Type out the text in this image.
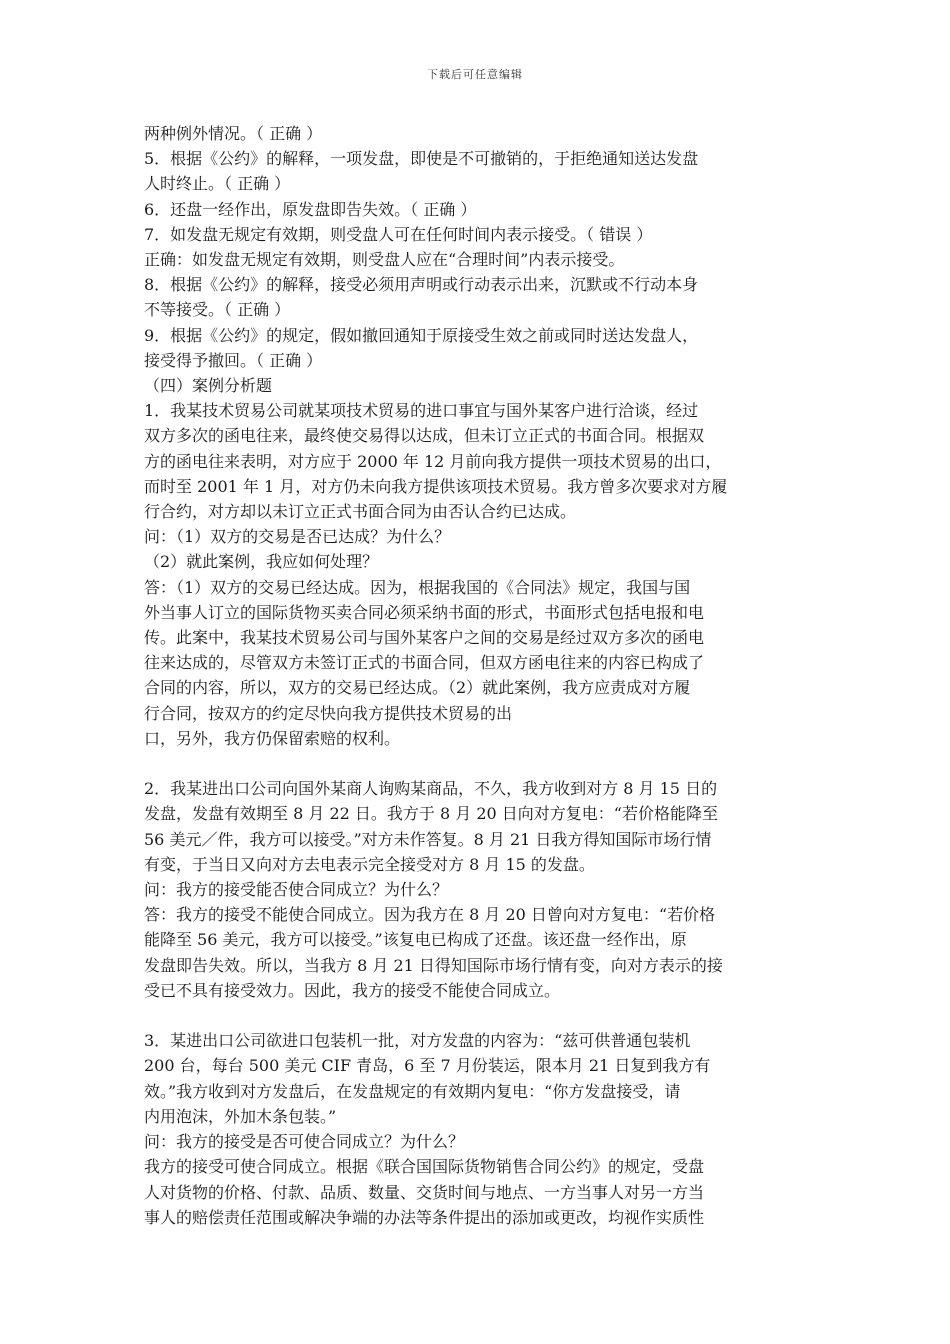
下载后可任意编辑
两种例外情况。（ 正确 ）
5．根据《公约》的解释，一项发盘，即使是不可撤销的，于拒绝通知送达发盘
人时终止。（ 正确 ）
6．还盘一经作出，原发盘即告失效。（ 正确 ）
7．如发盘无规定有效期，则受盘人可在任何时间内表示接受。（ 错误 ）
正确：如发盘无规定有效期，则受盘人应在“合理时间”内表示接受。
8．根据《公约》的解释，接受必须用声明或行动表示出来，沉默或不行动本身
不等接受。（ 正确 ）
9．根据《公约》的规定，假如撤回通知于原接受生效之前或同时送达发盘人，
接受得予撤回。（ 正确 ）
（四）案例分析题
1．我某技术贸易公司就某项技术贸易的进口事宜与国外某客户进行洽谈，经过
双方多次的函电往来，最终使交易得以达成，但未订立正式的书面合同。根据双
方的函电往来表明，对方应于 2000 年 12 月前向我方提供一项技术贸易的出口，
而时至 2001 年 1 月，对方仍未向我方提供该项技术贸易。我方曾多次要求对方履
行合约，对方却以未订立正式书面合同为由否认合约已达成。
问：（1）双方的交易是否已达成？为什么？
（2）就此案例，我应如何处理？
答：（1）双方的交易已经达成。因为，根据我国的《合同法》规定，我国与国
外当事人订立的国际货物买卖合同必须采纳书面的形式，书面形式包括电报和电
传。此案中，我某技术贸易公司与国外某客户之间的交易是经过双方多次的函电
往来达成的，尽管双方未签订正式的书面合同，但双方函电往来的内容已构成了
合同的内容，所以，双方的交易已经达成。（2）就此案例，我方应责成对方履
行合同，按双方的约定尽快向我方提供技术贸易的出
口，另外，我方仍保留索赔的权利。
2．我某进出口公司向国外某商人询购某商品，不久，我方收到对方 8 月 15 日的
发盘，发盘有效期至 8 月 22 日。我方于 8 月 20 日向对方复电：“若价格能降至
56 美元／件，我方可以接受。”对方未作答复。8 月 21 日我方得知国际市场行情
有变，于当日又向对方去电表示完全接受对方 8 月 15 的发盘。
问：我方的接受能否使合同成立？为什么？
答：我方的接受不能使合同成立。因为我方在 8 月 20 日曾向对方复电：“若价格
能降至 56 美元，我方可以接受。”该复电已构成了还盘。该还盘一经作出，原
发盘即告失效。所以，当我方 8 月 21 日得知国际市场行情有变，向对方表示的接
受已不具有接受效力。因此，我方的接受不能使合同成立。
3．某进出口公司欲进口包装机一批，对方发盘的内容为：“兹可供普通包装机
200 台，每台 500 美元 CIF 青岛，6 至 7 月份装运，限本月 21 日复到我方有
效。”我方收到对方发盘后，在发盘规定的有效期内复电：“你方发盘接受，请
内用泡沫，外加木条包装。”
问：我方的接受是否可使合同成立？为什么？
我方的接受可使合同成立。根据《联合国国际货物销售合同公约》的规定，受盘
人对货物的价格、付款、品质、数量、交货时间与地点、一方当事人对另一方当
事人的赔偿责任范围或解决争端的办法等条件提出的添加或更改，均视作实质性
